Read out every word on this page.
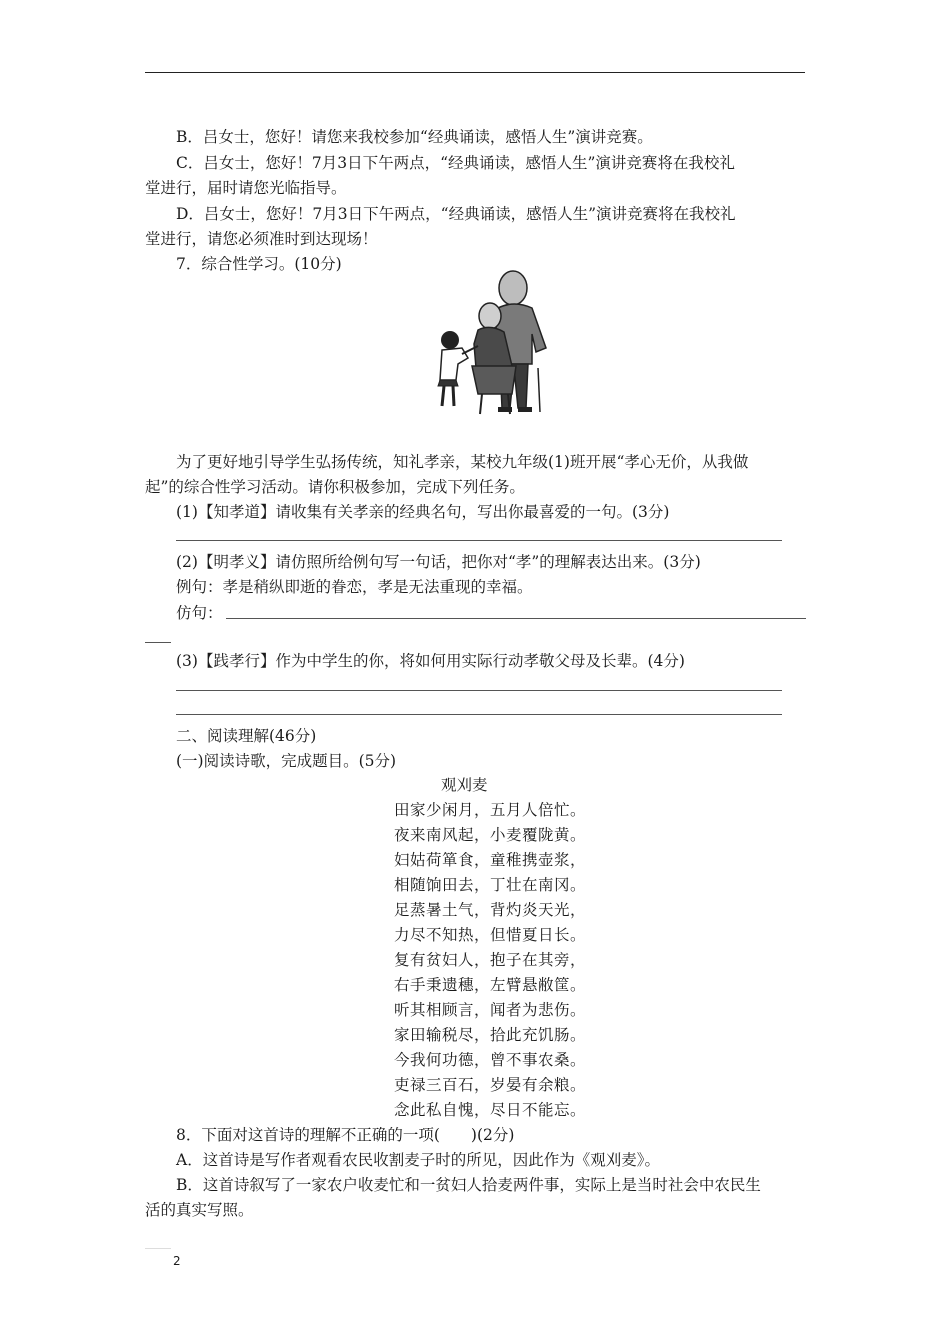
B．吕女士，您好！请您来我校参加“经典诵读，感悟人生”演讲竞赛。
C．吕女士，您好！7月3日下午两点，“经典诵读，感悟人生”演讲竞赛将在我校礼
堂进行，届时请您光临指导。
D．吕女士，您好！7月3日下午两点，“经典诵读，感悟人生”演讲竞赛将在我校礼
堂进行，请您必须准时到达现场！
7．综合性学习。(10分)
为了更好地引导学生弘扬传统，知礼孝亲，某校九年级(1)班开展“孝心无价，从我做
起”的综合性学习活动。请你积极参加，完成下列任务。
(1)【知孝道】请收集有关孝亲的经典名句，写出你最喜爱的一句。(3分)
(2)【明孝义】请仿照所给例句写一句话，把你对“孝”的理解表达出来。(3分)
例句：孝是稍纵即逝的眷恋，孝是无法重现的幸福。
仿句：
(3)【践孝行】作为中学生的你，将如何用实际行动孝敬父母及长辈。(4分)
二、阅读理解(46分)
(一)阅读诗歌，完成题目。(5分)
观刈麦
田家少闲月，五月人倍忙。
夜来南风起，小麦覆陇黄。
妇姑荷箪食，童稚携壶浆，
相随饷田去，丁壮在南冈。
足蒸暑土气，背灼炎天光，
力尽不知热，但惜夏日长。
复有贫妇人，抱子在其旁，
右手秉遗穗，左臂悬敝筐。
听其相顾言，闻者为悲伤。
家田输税尽，拾此充饥肠。
今我何功德，曾不事农桑。
吏禄三百石，岁晏有余粮。
念此私自愧，尽日不能忘。
8．下面对这首诗的理解不正确的一项(　　)(2分)
A．这首诗是写作者观看农民收割麦子时的所见，因此作为《观刈麦》。
B．这首诗叙写了一家农户收麦忙和一贫妇人拾麦两件事，实际上是当时社会中农民生
活的真实写照。
2
